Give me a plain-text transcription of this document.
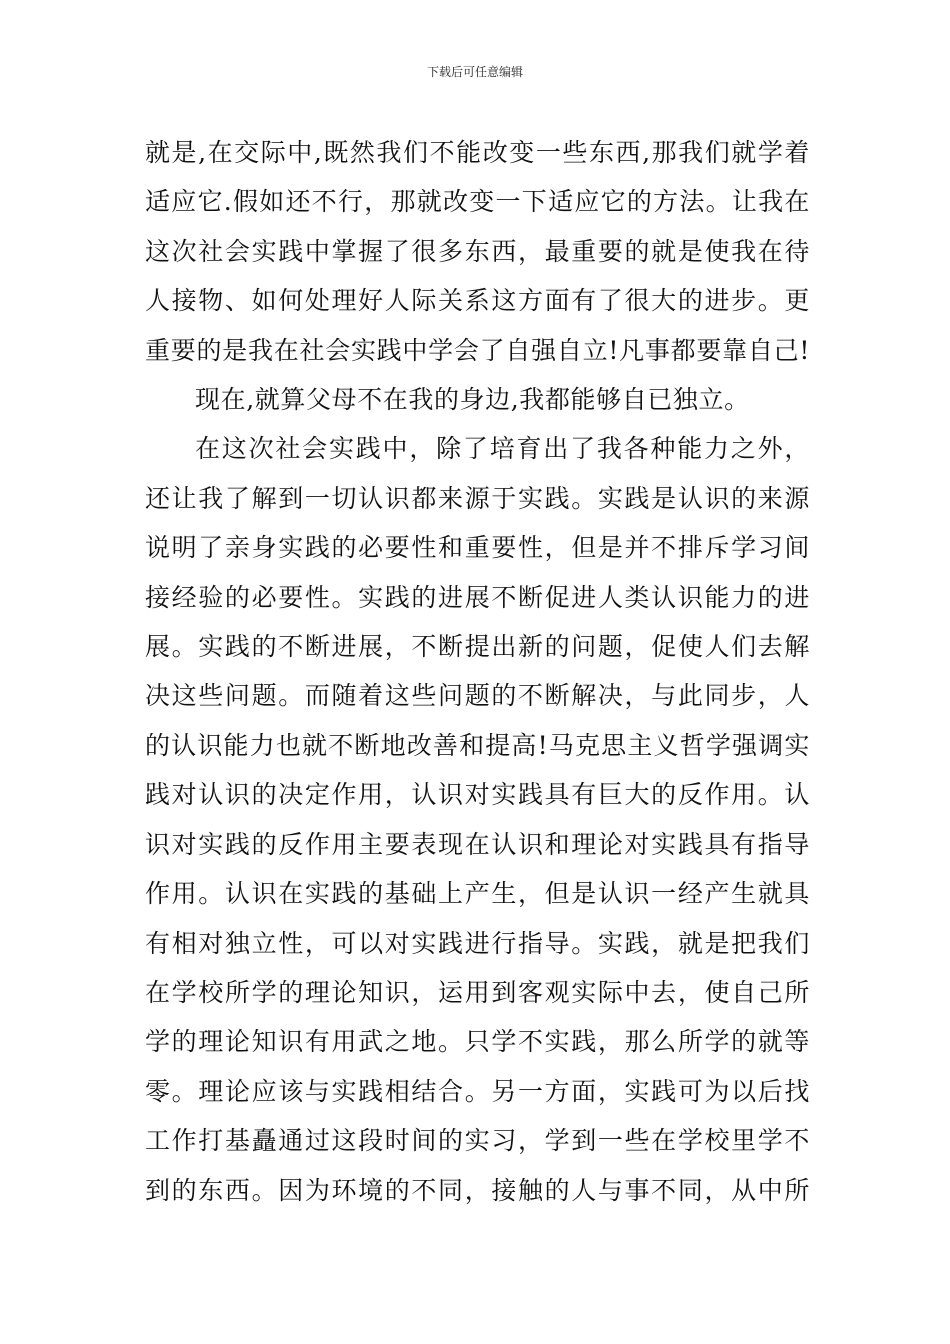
下载后可任意编辑
就是,在交际中,既然我们不能改变一些东西,那我们就学着
适应它.假如还不行，那就改变一下适应它的方法。让我在
这次社会实践中掌握了很多东西，最重要的就是使我在待
人接物、如何处理好人际关系这方面有了很大的进步。更
重要的是我在社会实践中学会了自强自立!凡事都要靠自己!
现在,就算父母不在我的身边,我都能够自已独立。
在这次社会实践中，除了培育出了我各种能力之外，
还让我了解到一切认识都来源于实践。实践是认识的来源
说明了亲身实践的必要性和重要性，但是并不排斥学习间
接经验的必要性。实践的进展不断促进人类认识能力的进
展。实践的不断进展，不断提出新的问题，促使人们去解
决这些问题。而随着这些问题的不断解决，与此同步，人
的认识能力也就不断地改善和提高!马克思主义哲学强调实
践对认识的决定作用，认识对实践具有巨大的反作用。认
识对实践的反作用主要表现在认识和理论对实践具有指导
作用。认识在实践的基础上产生，但是认识一经产生就具
有相对独立性，可以对实践进行指导。实践，就是把我们
在学校所学的理论知识，运用到客观实际中去，使自己所
学的理论知识有用武之地。只学不实践，那么所学的就等
零。理论应该与实践相结合。另一方面，实践可为以后找
工作打基矗通过这段时间的实习，学到一些在学校里学不
到的东西。因为环境的不同，接触的人与事不同，从中所
